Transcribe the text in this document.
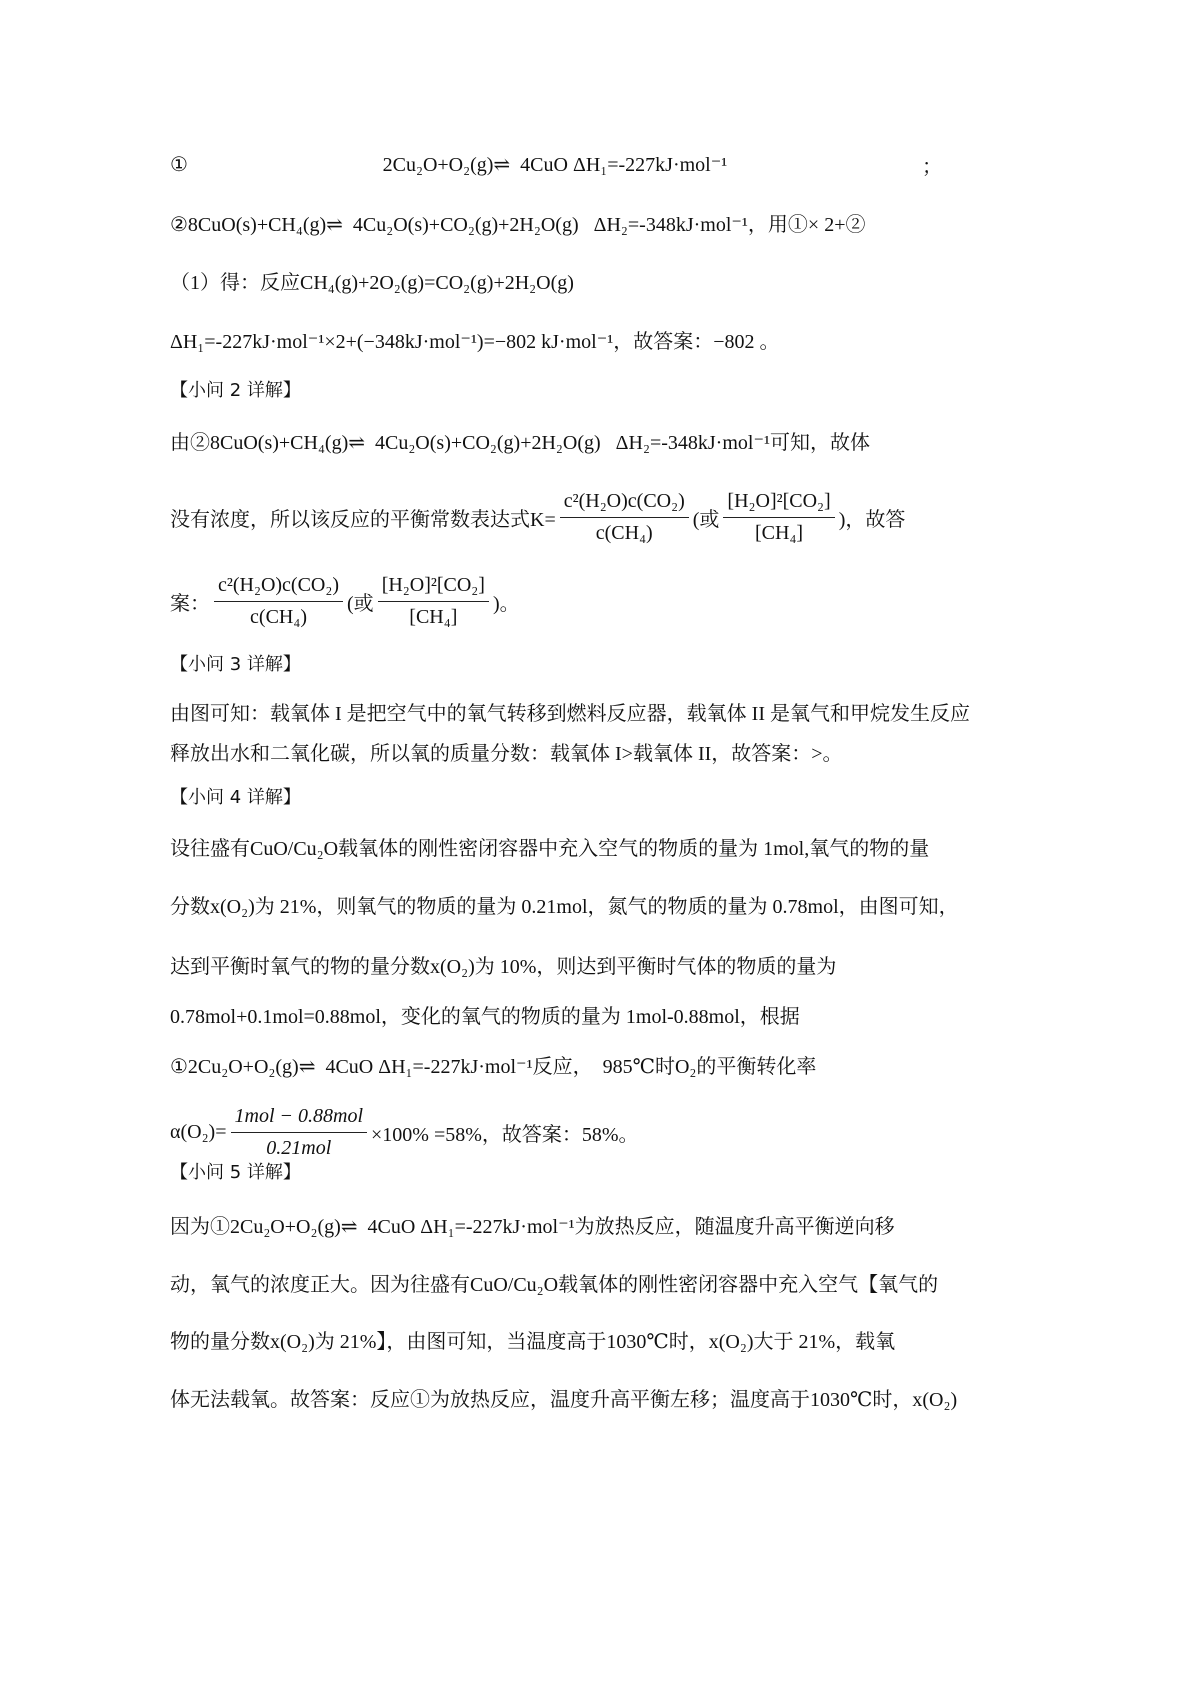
①	2Cu₂O+O₂(g)⇌  4CuO ΔH₁=-227kJ·mol⁻¹	；
②8CuO(s)+CH₄(g)⇌  4Cu₂O(s)+CO₂(g)+2H₂O(g)   ΔH₂=-348kJ·mol⁻¹，用①× 2+②
（1）得：反应CH₄(g)+2O₂(g)=CO₂(g)+2H₂O(g)
ΔH₁=-227kJ·mol⁻¹×2+(−348kJ·mol⁻¹)=−802 kJ·mol⁻¹，故答案：−802 。
【小问 2 详解】
由②8CuO(s)+CH₄(g)⇌  4Cu₂O(s)+CO₂(g)+2H₂O(g)   ΔH₂=-348kJ·mol⁻¹可知，故体
没有浓度，所以该反应的平衡常数表达式$K= \frac{\text{c²(H₂O)c(CO₂)}}{\text{c(CH₄)}}$ (或 $\frac{\text{[H₂O]²[CO₂]}}{\text{[CH₄]}}$ )，故答
案： $\frac{\text{c²(H₂O)c(CO₂)}}{\text{c(CH₄)}}$ (或 $\frac{\text{[H₂O]²[CO₂]}}{\text{[CH₄]}}$ )。
【小问 3 详解】
由图可知：载氧体 I 是把空气中的氧气转移到燃料反应器，载氧体 II 是氧气和甲烷发生反应
释放出水和二氧化碳，所以氧的质量分数：载氧体 I>载氧体 II，故答案：>。
【小问 4 详解】
设往盛有CuO/Cu₂O载氧体的刚性密闭容器中充入空气的物质的量为 1mol,氧气的物的量
分数x(O₂)为 21%，则氧气的物质的量为 0.21mol，氮气的物质的量为 0.78mol，由图可知，
达到平衡时氧气的物的量分数x(O₂)为 10%，则达到平衡时气体的物质的量为
0.78mol+0.1mol=0.88mol，变化的氧气的物质的量为 1mol-0.88mol，根据
①2Cu₂O+O₂(g)⇌  4CuO ΔH₁=-227kJ·mol⁻¹反应，  985℃时O₂的平衡转化率
$\alpha(O_2)= \frac{\text{1mol − 0.88mol}}{\text{0.21mol}} \times 100\% =58\%$，故答案：58%。
【小问 5 详解】
因为①2Cu₂O+O₂(g)⇌  4CuO ΔH₁=-227kJ·mol⁻¹为放热反应，随温度升高平衡逆向移
动，氧气的浓度正大。因为往盛有CuO/Cu₂O载氧体的刚性密闭容器中充入空气【氧气的
物的量分数x(O₂)为 21%】，由图可知，当温度高于1030℃时，x(O₂)大于 21%，载氧
体无法载氧。故答案：反应①为放热反应，温度升高平衡左移；温度高于1030℃时，x(O₂)
